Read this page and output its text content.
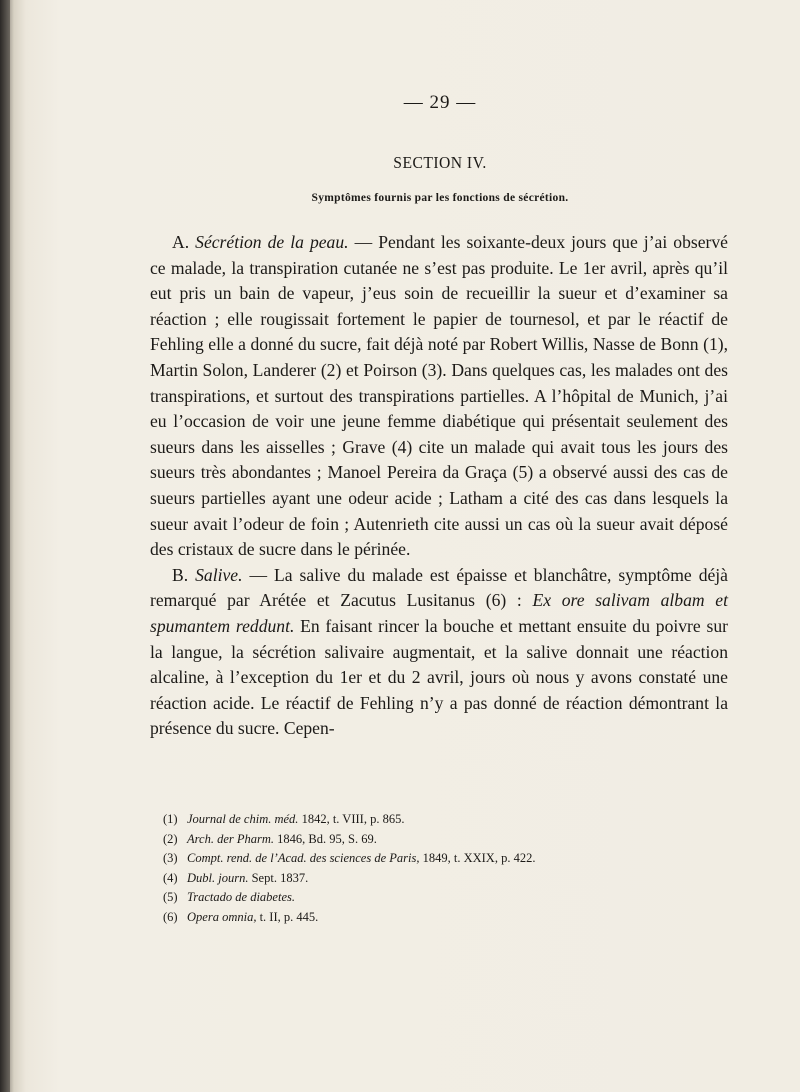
— 29 —
SECTION IV.
Symptômes fournis par les fonctions de sécrétion.

A. Sécrétion de la peau. — Pendant les soixante-deux jours que j’ai observé ce malade, la transpiration cutanée ne s’est pas produite. Le 1er avril, après qu’il eut pris un bain de vapeur, j’eus soin de recueillir la sueur et d’examiner sa réaction ; elle rougissait fortement le papier de tournesol, et par le réactif de Fehling elle a donné du sucre, fait déjà noté par Robert Willis, Nasse de Bonn (1), Martin Solon, Landerer (2) et Poirson (3). Dans quelques cas, les malades ont des transpirations, et surtout des transpirations partielles. A l’hôpital de Munich, j’ai eu l’occasion de voir une jeune femme diabétique qui présentait seulement des sueurs dans les aisselles ; Grave (4) cite un malade qui avait tous les jours des sueurs très abondantes ; Manoel Pereira da Graça (5) a observé aussi des cas de sueurs partielles ayant une odeur acide ; Latham a cité des cas dans lesquels la sueur avait l’odeur de foin ; Autenrieth cite aussi un cas où la sueur avait déposé des cristaux de sucre dans le périnée.

B. Salive. — La salive du malade est épaisse et blanchâtre, symptôme déjà remarqué par Arétée et Zacutus Lusitanus (6) : Ex ore salivam albam et spumantem reddunt. En faisant rincer la bouche et mettant ensuite du poivre sur la langue, la sécrétion salivaire augmentait, et la salive donnait une réaction alcaline, à l’exception du 1er et du 2 avril, jours où nous y avons constaté une réaction acide. Le réactif de Fehling n’y a pas donné de réaction démontrant la présence du sucre. Cepen-

(1) Journal de chim. méd. 1842, t. VIII, p. 865.
(2) Arch. der Pharm. 1846, Bd. 95, S. 69.
(3) Compt. rend. de l’Acad. des sciences de Paris, 1849, t. XXIX, p. 422.
(4) Dubl. journ. Sept. 1837.
(5) Tractado de diabetes.
(6) Opera omnia, t. II, p. 445.
